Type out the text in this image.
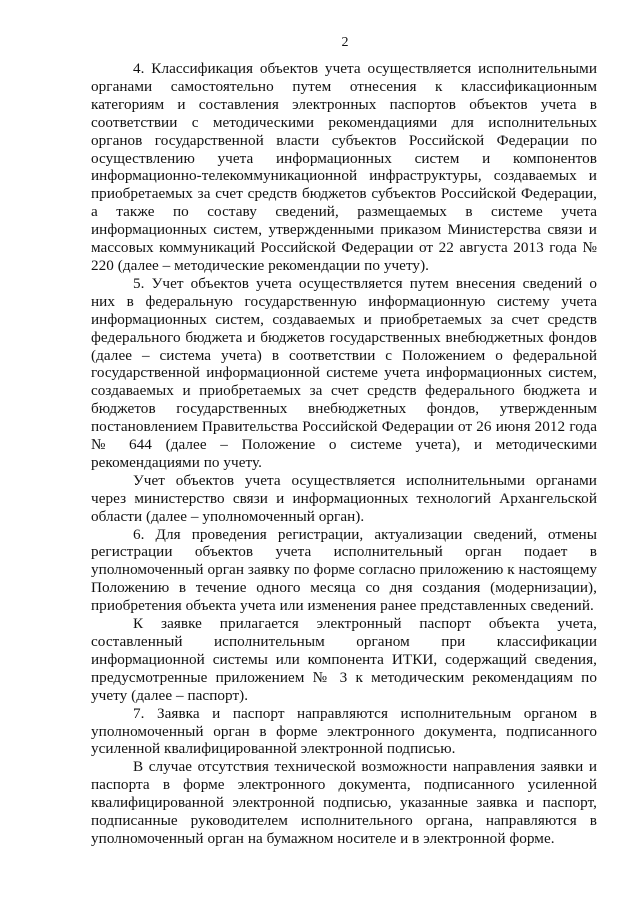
2

4. Классификация объектов учета осуществляется исполнительными органами самостоятельно путем отнесения к классификационным категориям и составления электронных паспортов объектов учета в соответствии с методическими рекомендациями для исполнительных органов государственной власти субъектов Российской Федерации по осуществлению учета информационных систем и компонентов информационно-телекоммуникационной инфраструктуры, создаваемых и приобретаемых за счет средств бюджетов субъектов Российской Федерации, а также по составу сведений, размещаемых в системе учета информационных систем, утвержденными приказом Министерства связи и массовых коммуникаций Российской Федерации от 22 августа 2013 года № 220 (далее – методические рекомендации по учету).

5. Учет объектов учета осуществляется путем внесения сведений о них в федеральную государственную информационную систему учета информационных систем, создаваемых и приобретаемых за счет средств федерального бюджета и бюджетов государственных внебюджетных фондов (далее – система учета) в соответствии с Положением о федеральной государственной информационной системе учета информационных систем, создаваемых и приобретаемых за счет средств федерального бюджета и бюджетов государственных внебюджетных фондов, утвержденным постановлением Правительства Российской Федерации от 26 июня 2012 года № 644 (далее – Положение о системе учета), и методическими рекомендациями по учету.

Учет объектов учета осуществляется исполнительными органами через министерство связи и информационных технологий Архангельской области (далее – уполномоченный орган).

6. Для проведения регистрации, актуализации сведений, отмены регистрации объектов учета исполнительный орган подает в уполномоченный орган заявку по форме согласно приложению к настоящему Положению в течение одного месяца со дня создания (модернизации), приобретения объекта учета или изменения ранее представленных сведений.

К заявке прилагается электронный паспорт объекта учета, составленный исполнительным органом при классификации информационной системы или компонента ИТКИ, содержащий сведения, предусмотренные приложением № 3 к методическим рекомендациям по учету (далее – паспорт).

7. Заявка и паспорт направляются исполнительным органом в уполномоченный орган в форме электронного документа, подписанного усиленной квалифицированной электронной подписью.

В случае отсутствия технической возможности направления заявки и паспорта в форме электронного документа, подписанного усиленной квалифицированной электронной подписью, указанные заявка и паспорт, подписанные руководителем исполнительного органа, направляются в уполномоченный орган на бумажном носителе и в электронной форме.
